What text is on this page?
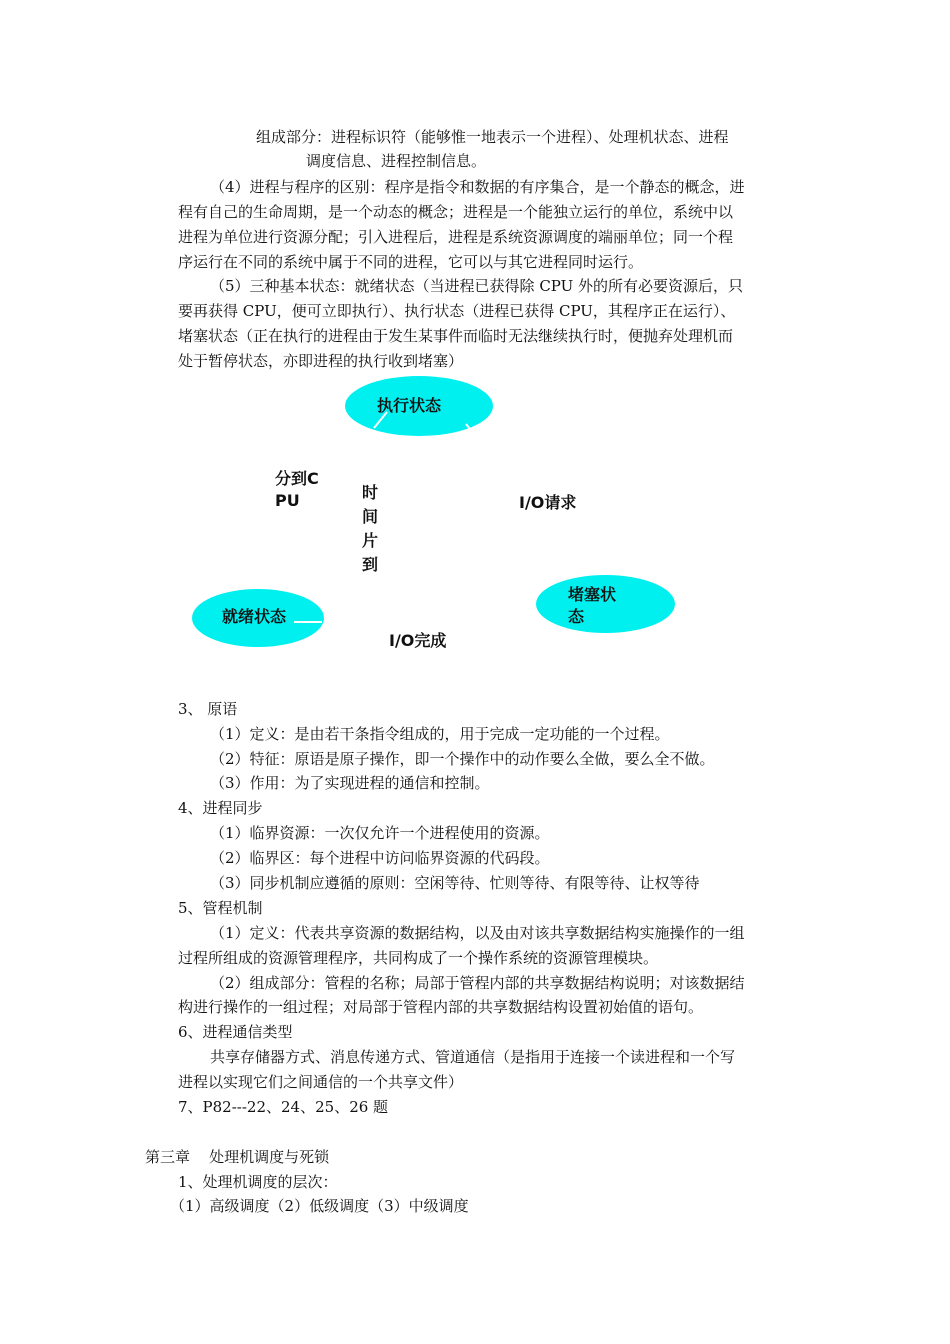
组成部分：进程标识符（能够惟一地表示一个进程）、处理机状态、进程
调度信息、进程控制信息。
（4）进程与程序的区别：程序是指令和数据的有序集合，是一个静态的概念，进
程有自己的生命周期，是一个动态的概念；进程是一个能独立运行的单位，系统中以
进程为单位进行资源分配；引入进程后，进程是系统资源调度的端丽单位；同一个程
序运行在不同的系统中属于不同的进程，它可以与其它进程同时运行。
（5）三种基本状态：就绪状态（当进程已获得除 CPU 外的所有必要资源后，只
要再获得 CPU，便可立即执行）、执行状态（进程已获得 CPU，其程序正在运行）、
堵塞状态（正在执行的进程由于发生某事件而临时无法继续执行时，便抛弃处理机而
处于暂停状态，亦即进程的执行收到堵塞）
执行状态
就绪状态
堵塞状
态
分到C
PU	时
间
片
到
I/O请求
I/O完成
3、 原语
（1）定义：是由若干条指令组成的，用于完成一定功能的一个过程。
（2）特征：原语是原子操作，即一个操作中的动作要么全做，要么全不做。
（3）作用：为了实现进程的通信和控制。
4、进程同步
（1）临界资源：一次仅允许一个进程使用的资源。
（2）临界区：每个进程中访问临界资源的代码段。
（3）同步机制应遵循的原则：空闲等待、忙则等待、有限等待、让权等待
5、管程机制
（1）定义：代表共享资源的数据结构，以及由对该共享数据结构实施操作的一组
过程所组成的资源管理程序，共同构成了一个操作系统的资源管理模块。
（2）组成部分：管程的名称；局部于管程内部的共享数据结构说明；对该数据结
构进行操作的一组过程；对局部于管程内部的共享数据结构设置初始值的语句。
6、进程通信类型
共享存储器方式、消息传递方式、管道通信（是指用于连接一个读进程和一个写
进程以实现它们之间通信的一个共享文件）
7、P82---22、24、25、26 题
第三章    处理机调度与死锁
1、处理机调度的层次：
（1）高级调度（2）低级调度（3）中级调度
